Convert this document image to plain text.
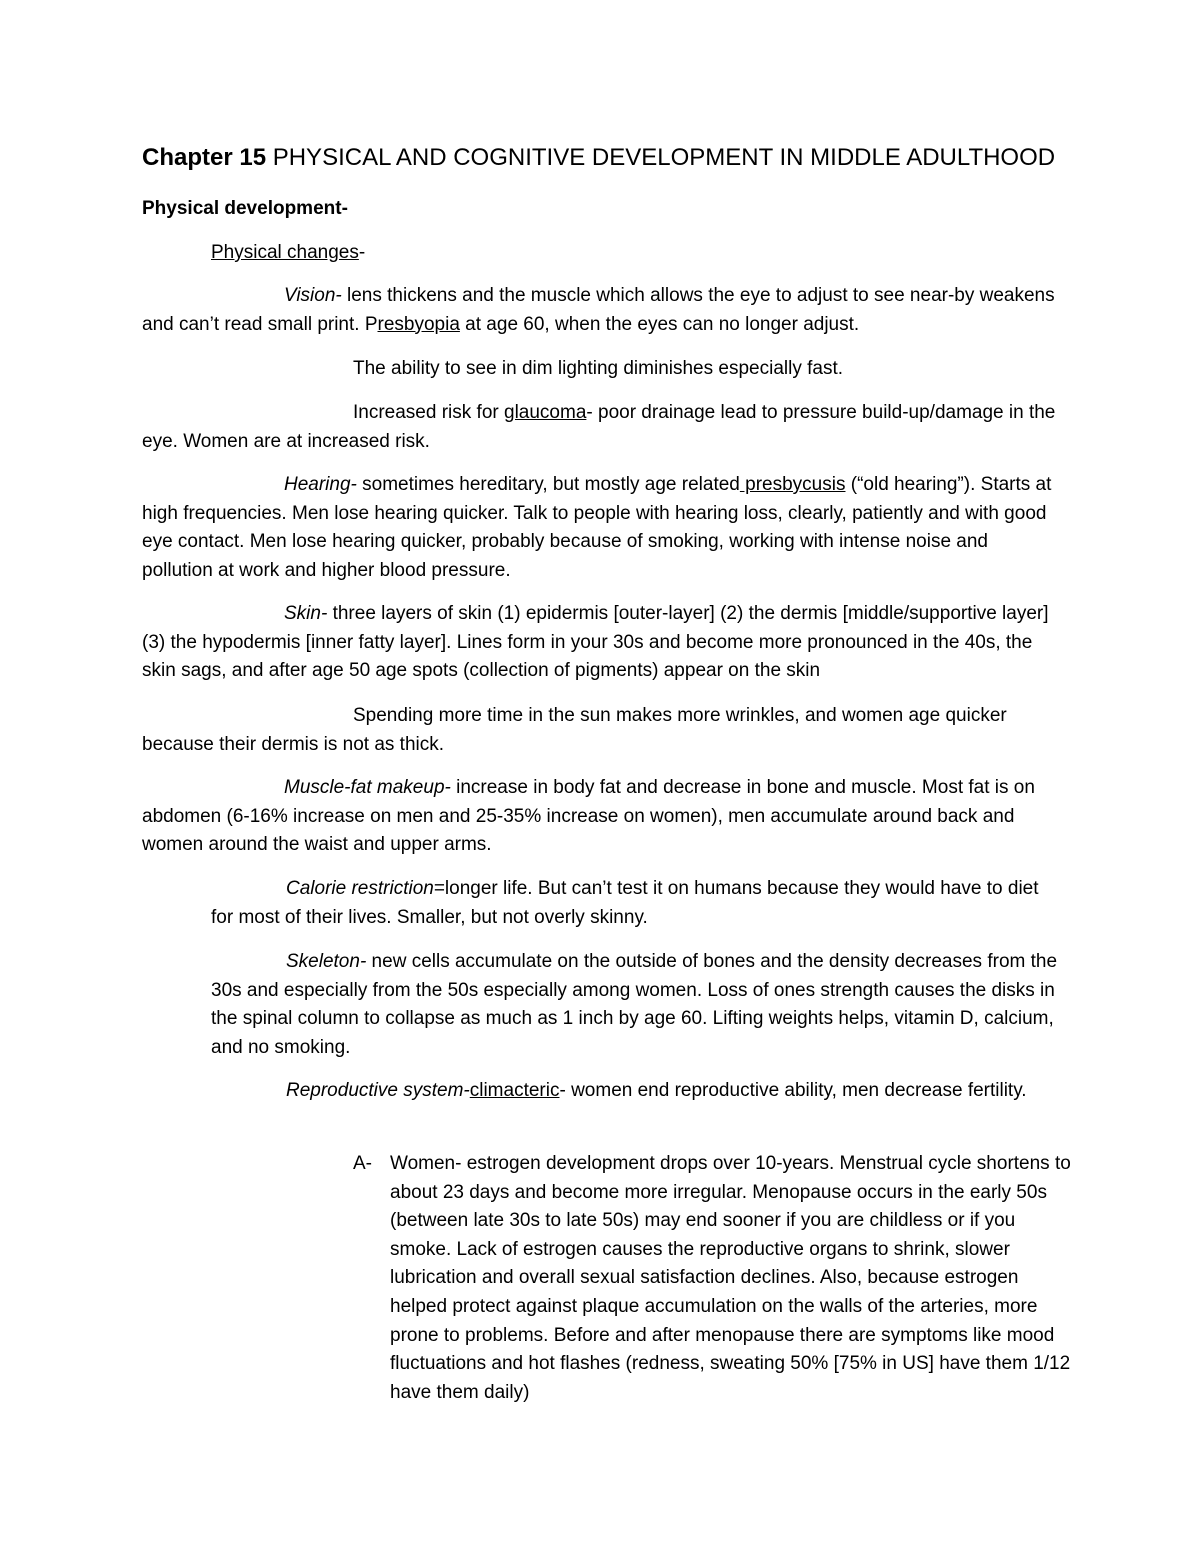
Chapter 15 PHYSICAL AND COGNITIVE DEVELOPMENT IN MIDDLE ADULTHOOD
Physical development-
Physical changes-

Vision- lens thickens and the muscle which allows the eye to adjust to see near-by weakens and can’t read small print. Presbyopia at age 60, when the eyes can no longer adjust.

The ability to see in dim lighting diminishes especially fast.

Increased risk for glaucoma- poor drainage lead to pressure build-up/damage in the eye. Women are at increased risk.

Hearing- sometimes hereditary, but mostly age related presbycusis (“old hearing”). Starts at high frequencies. Men lose hearing quicker. Talk to people with hearing loss, clearly, patiently and with good eye contact. Men lose hearing quicker, probably because of smoking, working with intense noise and pollution at work and higher blood pressure.

Skin- three layers of skin (1) epidermis [outer-layer] (2) the dermis [middle/supportive layer] (3) the hypodermis [inner fatty layer]. Lines form in your 30s and become more pronounced in the 40s, the skin sags, and after age 50 age spots (collection of pigments) appear on the skin

Spending more time in the sun makes more wrinkles, and women age quicker because their dermis is not as thick.

Muscle-fat makeup- increase in body fat and decrease in bone and muscle. Most fat is on abdomen (6-16% increase on men and 25-35% increase on women), men accumulate around back and women around the waist and upper arms.

Calorie restriction=longer life. But can’t test it on humans because they would have to diet for most of their lives. Smaller, but not overly skinny.

Skeleton- new cells accumulate on the outside of bones and the density decreases from the 30s and especially from the 50s especially among women. Loss of ones strength causes the disks in the spinal column to collapse as much as 1 inch by age 60. Lifting weights helps, vitamin D, calcium, and no smoking.

Reproductive system-climacteric- women end reproductive ability, men decrease fertility.

A- Women- estrogen development drops over 10-years. Menstrual cycle shortens to about 23 days and become more irregular. Menopause occurs in the early 50s (between late 30s to late 50s) may end sooner if you are childless or if you smoke. Lack of estrogen causes the reproductive organs to shrink, slower lubrication and overall sexual satisfaction declines. Also, because estrogen helped protect against plaque accumulation on the walls of the arteries, more prone to problems. Before and after menopause there are symptoms like mood fluctuations and hot flashes (redness, sweating 50% [75% in US] have them 1/12 have them daily)
